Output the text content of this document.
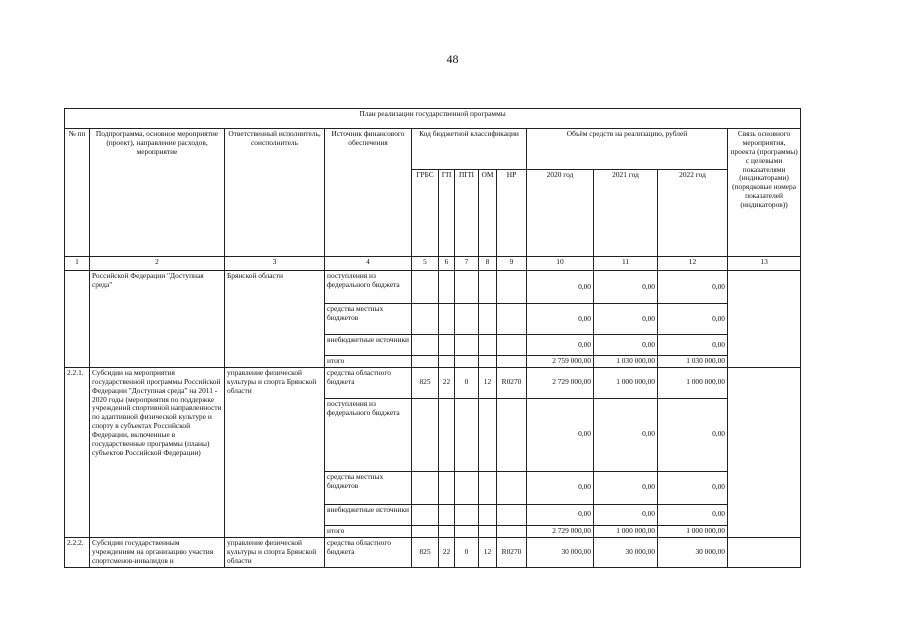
48
План реализации государственной программы												
№ пп	Подпрограмма, основное мероприятие (проект), направление расходов, мероприятие	Ответственный исполнитель, соисполнитель	Источник финансового обеспечения	Код бюджетной классификации					Объём средств на реализацию, рублей			Связь основного мероприятия, проекта (программы) с целевыми показателями (индикаторами) (порядковые номера показателей (индикаторов))
				ГРБС	ГП	ПГП	ОМ	НР	2020 год	2021 год	2022 год	
1	2	3	4	5	6	7	8	9	10	11	12	13
	Российской Федерации "Доступная среда"	Брянской области	поступления из федерального бюджета						0,00	0,00	0,00	
			средства местных бюджетов						0,00	0,00	0,00	
			внебюджетные источники						0,00	0,00	0,00	
			итого						2 759 000,00	1 030 000,00	1 030 000,00	
2.2.1.	Субсидии на мероприятия государственной программы Российской Федерации "Доступная среда" на 2011 - 2020 годы (мероприятия по поддержке учреждений спортивной направленности по адаптивной физической культуре и спорту в субъектах Российской Федерации, включенные в государственные программы (планы) субъектов Российской Федерации)	управление физической культуры и спорта Брянской области	средства областного бюджета	825	22	0	12	R0270	2 729 000,00	1 000 000,00	1 000 000,00	
			поступления из федерального бюджета						0,00	0,00	0,00	
			средства местных бюджетов						0,00	0,00	0,00	
			внебюджетные источники						0,00	0,00	0,00	
			итого						2 729 000,00	1 000 000,00	1 000 000,00	
2.2.2.	Субсидии государственным учреждениям на организацию участия спортсменов-инвалидов и	управление физической культуры и спорта Брянской области	средства областного бюджета	825	22	0	12	R0270	30 000,00	30 000,00	30 000,00	
